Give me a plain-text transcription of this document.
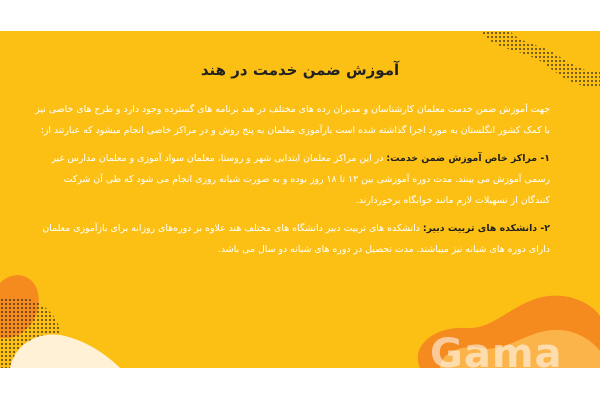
آموزش ضمن خدمت در هند

جهت آموزش ضمن خدمت معلمان کارشناسان و مدیران رده های مختلف در هند برنامه های گسترده وجود دارد و طرح های خاصی نیز با کمک کشور انگلستان به مورد اجرا گذاشته شده است بازآموزی معلمان به پنج روش و در مراکز خاصی انجام میشود که عبارتند از:

۱- مراکز خاص آموزش ضمن خدمت: در این مراکز معلمان ابتدایی شهر و روستا، معلمان سواد آموزی و معلمان مدارس غیر رسمی آموزش می بینند. مدت دوره آموزشی بین ۱۲ تا ۱۸ روز بوده و به صورت شبانه روزی انجام می شود که طی آن شرکت کنندگان از تسهیلات لازم مانند خوابگاه برخوردارند.

۲- دانشکده های تربیت دبیر: دانشکده های تربیت دبیر دانشگاه های مختلف هند علاوه بر دوره‌های روزانه برای بازآموزی معلمان دارای دوره های شبانه نیز میباشند. مدت تحصیل در دوره های شبانه دو سال می باشد.

Gama
